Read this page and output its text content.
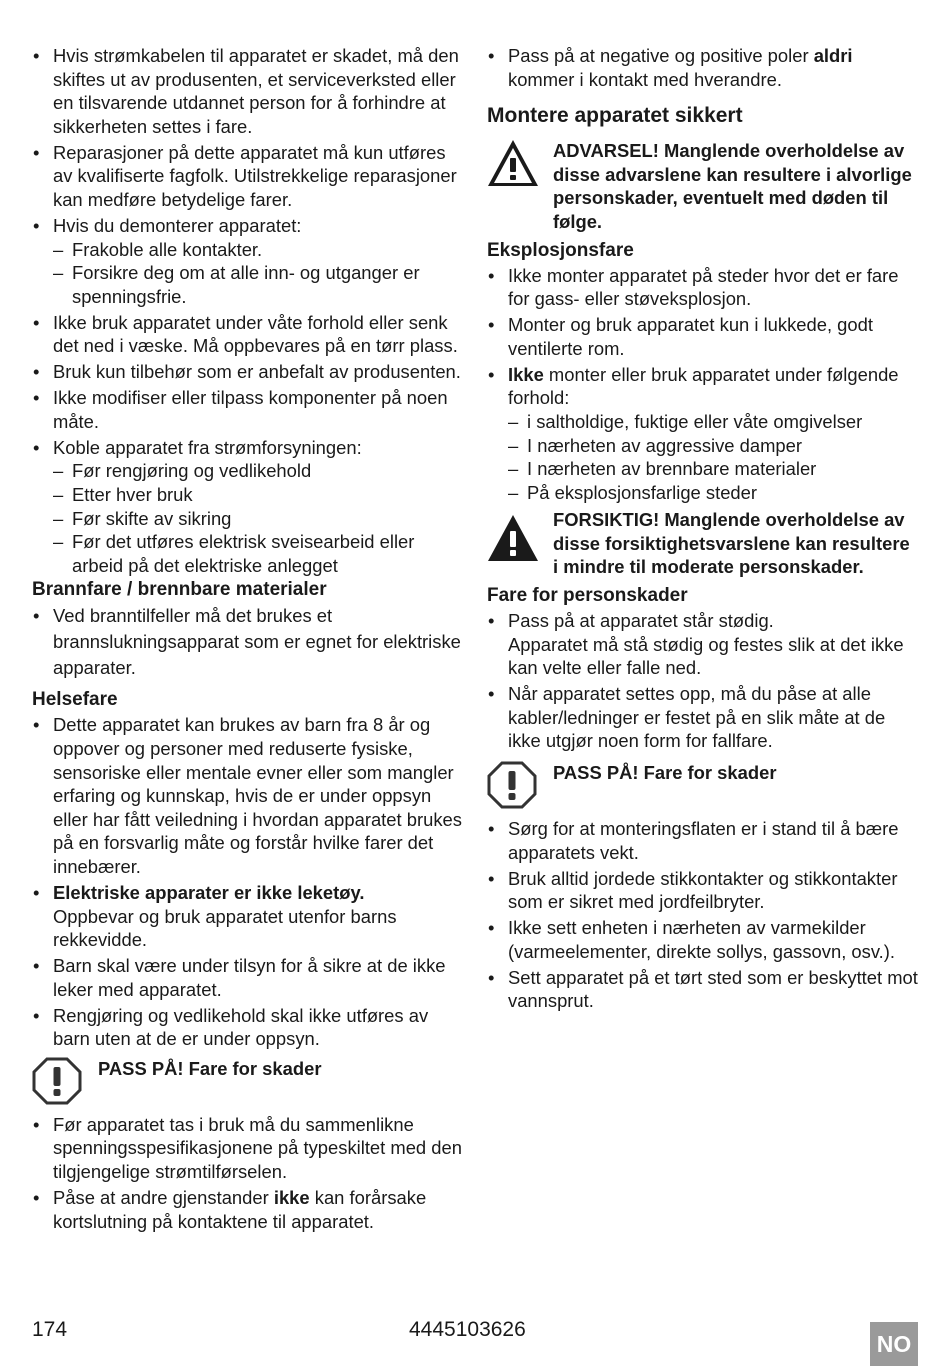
• Hvis strømkabelen til apparatet er skadet, må den skiftes ut av produsenten, et serviceverksted eller en tilsvarende utdannet person for å forhindre at sikkerheten settes i fare.
• Reparasjoner på dette apparatet må kun utføres av kvalifiserte fagfolk. Utilstrekkelige reparasjoner kan medføre betydelige farer.
• Hvis du demonterer apparatet:
– Frakoble alle kontakter.
– Forsikre deg om at alle inn- og utganger er spenningsfrie.
• Ikke bruk apparatet under våte forhold eller senk det ned i væske. Må oppbevares på en tørr plass.
• Bruk kun tilbehør som er anbefalt av produsenten.
• Ikke modifiser eller tilpass komponenter på noen måte.
• Koble apparatet fra strømforsyningen:
– Før rengjøring og vedlikehold
– Etter hver bruk
– Før skifte av sikring
– Før det utføres elektrisk sveisearbeid eller arbeid på det elektriske anlegget
Brannfare / brennbare materialer
• Ved branntilfeller må det brukes et brannslukningsapparat som er egnet for elektriske apparater.
Helsefare
• Dette apparatet kan brukes av barn fra 8 år og oppover og personer med reduserte fysiske, sensoriske eller mentale evner eller som mangler erfaring og kunnskap, hvis de er under oppsyn eller har fått veiledning i hvordan apparatet brukes på en forsvarlig måte og forstår hvilke farer det innebærer.
• Elektriske apparater er ikke leketøy.
Oppbevar og bruk apparatet utenfor barns rekkevidde.
• Barn skal være under tilsyn for å sikre at de ikke leker med apparatet.
• Rengjøring og vedlikehold skal ikke utføres av barn uten at de er under oppsyn.
PASS PÅ! Fare for skader
• Før apparatet tas i bruk må du sammenlikne spenningsspesifikasjonene på typeskiltet med den tilgjengelige strømtilførselen.
• Påse at andre gjenstander ikke kan forårsake kortslutning på kontaktene til apparatet.
• Pass på at negative og positive poler aldri kommer i kontakt med hverandre.
Montere apparatet sikkert
ADVARSEL! Manglende overholdelse av disse advarslene kan resultere i alvorlige personskader, eventuelt med døden til følge.
Eksplosjonsfare
• Ikke monter apparatet på steder hvor det er fare for gass- eller støveksplosjon.
• Monter og bruk apparatet kun i lukkede, godt ventilerte rom.
• Ikke monter eller bruk apparatet under følgende forhold:
– i saltholdige, fuktige eller våte omgivelser
– I nærheten av aggressive damper
– I nærheten av brennbare materialer
– På eksplosjonsfarlige steder
FORSIKTIG! Manglende overholdelse av disse forsiktighetsvarslene kan resultere i mindre til moderate personskader.
Fare for personskader
• Pass på at apparatet står stødig.
Apparatet må stå stødig og festes slik at det ikke kan velte eller falle ned.
• Når apparatet settes opp, må du påse at alle kabler/ledninger er festet på en slik måte at de ikke utgjør noen form for fallfare.
PASS PÅ! Fare for skader
• Sørg for at monteringsflaten er i stand til å bære apparatets vekt.
• Bruk alltid jordede stikkontakter og stikkontakter som er sikret med jordfeilbryter.
• Ikke sett enheten i nærheten av varmekilder (varmeelementer, direkte sollys, gassovn, osv.).
• Sett apparatet på et tørt sted som er beskyttet mot vannsprut.
174	4445103626
NO
